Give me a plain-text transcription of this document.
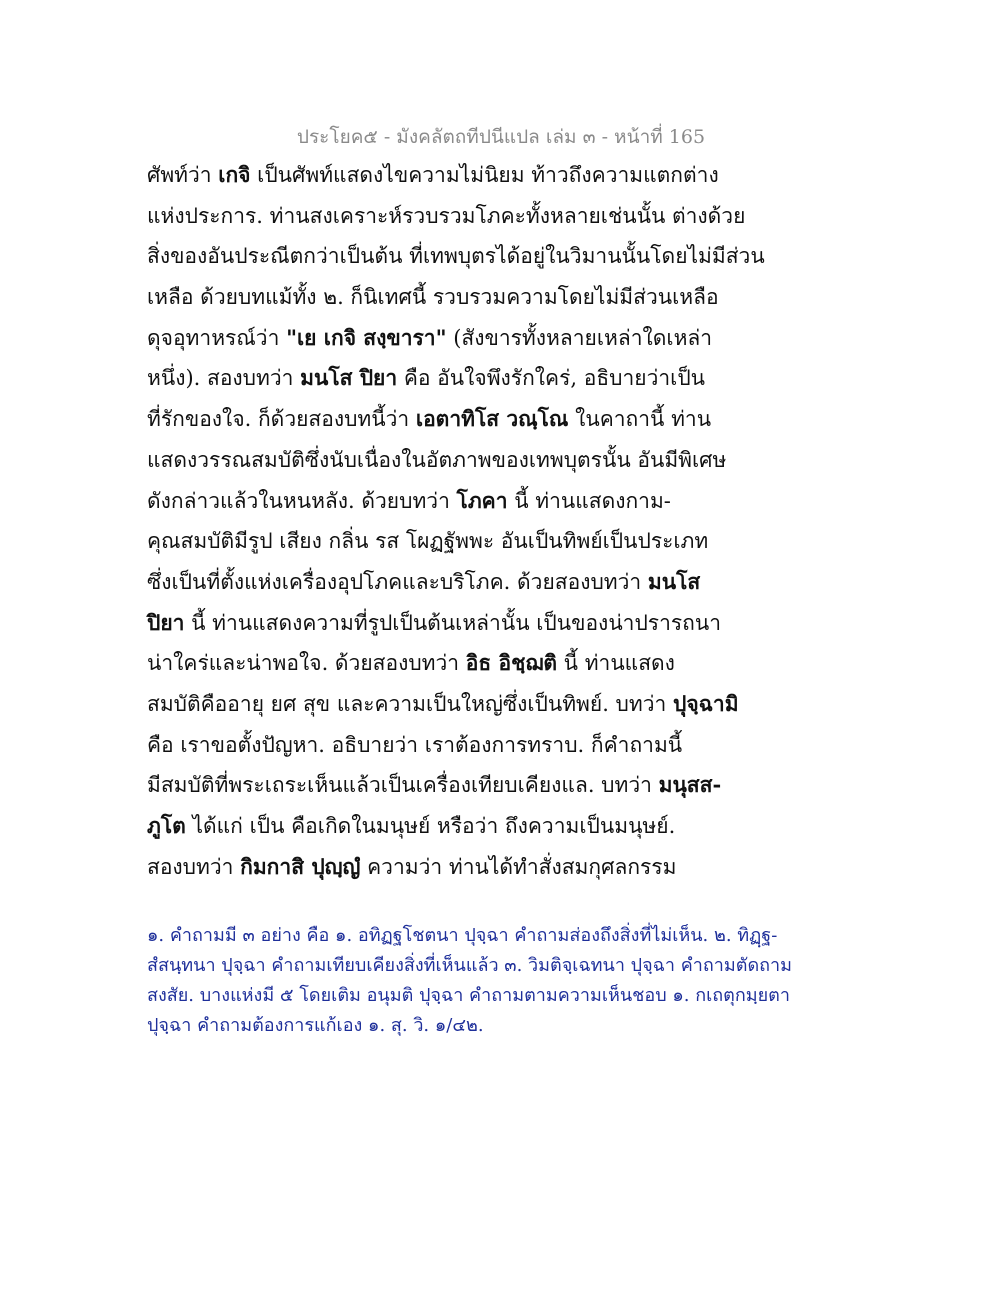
ประโยค๕ - มังคลัตถทีปนีแปล เล่ม ๓ - หน้าที่ 165
ศัพท์ว่า เกจิ เป็นศัพท์แสดงไขความไม่นิยม ท้าวถึงความแตกต่าง
แห่งประการ. ท่านสงเคราะห์รวบรวมโภคะทั้งหลายเช่นนั้น ต่างด้วย
สิ่งของอันประณีตกว่าเป็นต้น ที่เทพบุตรได้อยู่ในวิมานนั้นโดยไม่มีส่วน
เหลือ ด้วยบทแม้ทั้ง ๒. ก็นิเทศนี้ รวบรวมความโดยไม่มีส่วนเหลือ
ดุจอุทาหรณ์ว่า "เย เกจิ สงฺขารา" (สังขารทั้งหลายเหล่าใดเหล่า
หนึ่ง). สองบทว่า มนโส ปิยา คือ อันใจพึงรักใคร่, อธิบายว่าเป็น
ที่รักของใจ. ก็ด้วยสองบทนี้ว่า เอตาทิโส วณฺโณ ในคาถานี้ ท่าน
แสดงวรรณสมบัติซึ่งนับเนื่องในอัตภาพของเทพบุตรนั้น อันมีพิเศษ
ดังกล่าวแล้วในหนหลัง. ด้วยบทว่า โภคา นี้ ท่านแสดงกาม-
คุณสมบัติมีรูป เสียง กลิ่น รส โผฏฐัพพะ อันเป็นทิพย์เป็นประเภท
ซึ่งเป็นที่ตั้งแห่งเครื่องอุปโภคและบริโภค. ด้วยสองบทว่า มนโส
ปิยา นี้ ท่านแสดงความที่รูปเป็นต้นเหล่านั้น เป็นของน่าปรารถนา
น่าใคร่และน่าพอใจ. ด้วยสองบทว่า อิธ อิชฺฌติ นี้ ท่านแสดง
สมบัติคืออายุ ยศ สุข และความเป็นใหญ่ซึ่งเป็นทิพย์. บทว่า ปุจฺฉามิ
คือ เราขอตั้งปัญหา. อธิบายว่า เราต้องการทราบ. ก็คำถามนี้
มีสมบัติที่พระเถระเห็นแล้วเป็นเครื่องเทียบเคียงแล. บทว่า มนุสส-
ภูโต ได้แก่ เป็น คือเกิดในมนุษย์ หรือว่า ถึงความเป็นมนุษย์.
สองบทว่า กิมกาสิ ปุญฺญํ ความว่า ท่านได้ทำสั่งสมกุศลกรรม
๑. คำถามมี ๓ อย่าง คือ ๑. อทิฏฐโชตนา ปุจฺฉา คำถามส่องถึงสิ่งที่ไม่เห็น. ๒. ทิฏฺฐ-
สํสนฺทนา ปุจฺฉา คำถามเทียบเคียงสิ่งที่เห็นแล้ว ๓. วิมติจฺเฉทนา ปุจฺฉา คำถามตัดถาม
สงสัย. บางแห่งมี ๕ โดยเติม อนุมติ ปุจฺฉา คำถามตามความเห็นชอบ ๑. กเถตุกมฺยตา
ปุจฺฉา คำถามต้องการแก้เอง ๑. สุ. วิ. ๑/๔๒.
